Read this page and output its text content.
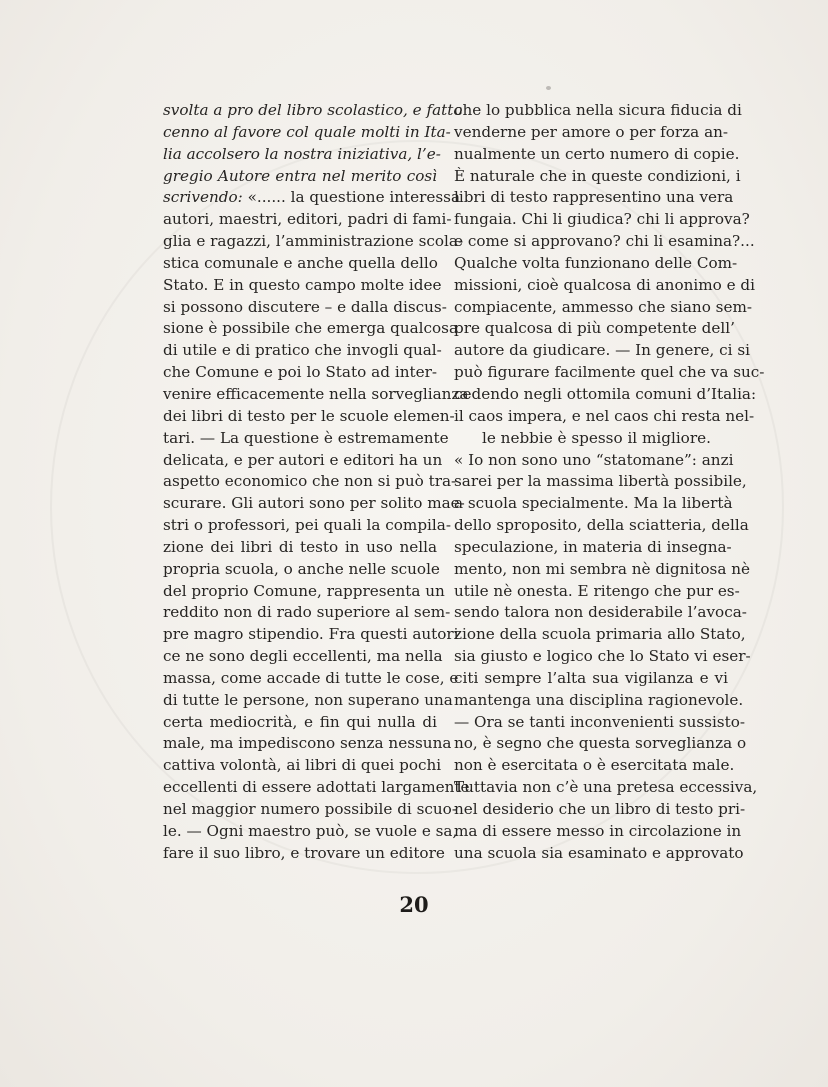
svolta a pro del libro scolastico, e fatto
cenno al favore col quale molti in Ita-
lia accolsero la nostra iniziativa, l’e-
gregio Autore entra nel merito così
scrivendo: «...... la questione interessa
autori, maestri, editori, padri di fami-
glia e ragazzi, l’amministrazione scola-
stica comunale e anche quella dello
Stato. E in questo campo molte idee
si possono discutere – e dalla discus-
sione è possibile che emerga qualcosa
di utile e di pratico che invogli qual-
che Comune e poi lo Stato ad inter-
venire efficacemente nella sorveglianza
dei libri di testo per le scuole elemen-
tari. — La questione è estremamente
delicata, e per autori e editori ha un
aspetto economico che non si può tra-
scurare. Gli autori sono per solito mae-
stri o professori, pei quali la compila-
zione dei libri di testo in uso nella
propria scuola, o anche nelle scuole
del proprio Comune, rappresenta un
reddito non di rado superiore al sem-
pre magro stipendio. Fra questi autori
ce ne sono degli eccellenti, ma nella
massa, come accade di tutte le cose, e
di tutte le persone, non superano una
certa mediocrità, e fin qui nulla di
male, ma impediscono senza nessuna
cattiva volontà, ai libri di quei pochi
eccellenti di essere adottati largamente
nel maggior numero possibile di scuo-
le. — Ogni maestro può, se vuole e sa,
fare il suo libro, e trovare un editore
che lo pubblica nella sicura fiducia di
venderne per amore o per forza an-
nualmente un certo numero di copie.
È naturale che in queste condizioni, i
libri di testo rappresentino una vera
fungaia. Chi li giudica? chi li approva?
e come si approvano? chi li esamina?...
Qualche volta funzionano delle Com-
missioni, cioè qualcosa di anonimo e di
compiacente, ammesso che siano sem-
pre qualcosa di più competente dell’
autore da giudicare. — In genere, ci si
può figurare facilmente quel che va suc-
cedendo negli ottomila comuni d’Italia:
il caos impera, e nel caos chi resta nel-
le nebbie è spesso il migliore.
« Io non sono uno “statomane”: anzi
sarei per la massima libertà possibile,
a scuola specialmente. Ma la libertà
dello sproposito, della sciatteria, della
speculazione, in materia di insegna-
mento, non mi sembra nè dignitosa nè
utile nè onesta. E ritengo che pur es-
sendo talora non desiderabile l’avoca-
zione della scuola primaria allo Stato,
sia giusto e logico che lo Stato vi eser-
citi sempre l’alta sua vigilanza e vi
mantenga una disciplina ragionevole.
— Ora se tanti inconvenienti sussisto-
no, è segno che questa sorveglianza o
non è esercitata o è esercitata male.
Tuttavia non c’è una pretesa eccessiva,
nel desiderio che un libro di testo pri-
ma di essere messo in circolazione in
una scuola sia esaminato e approvato
20
